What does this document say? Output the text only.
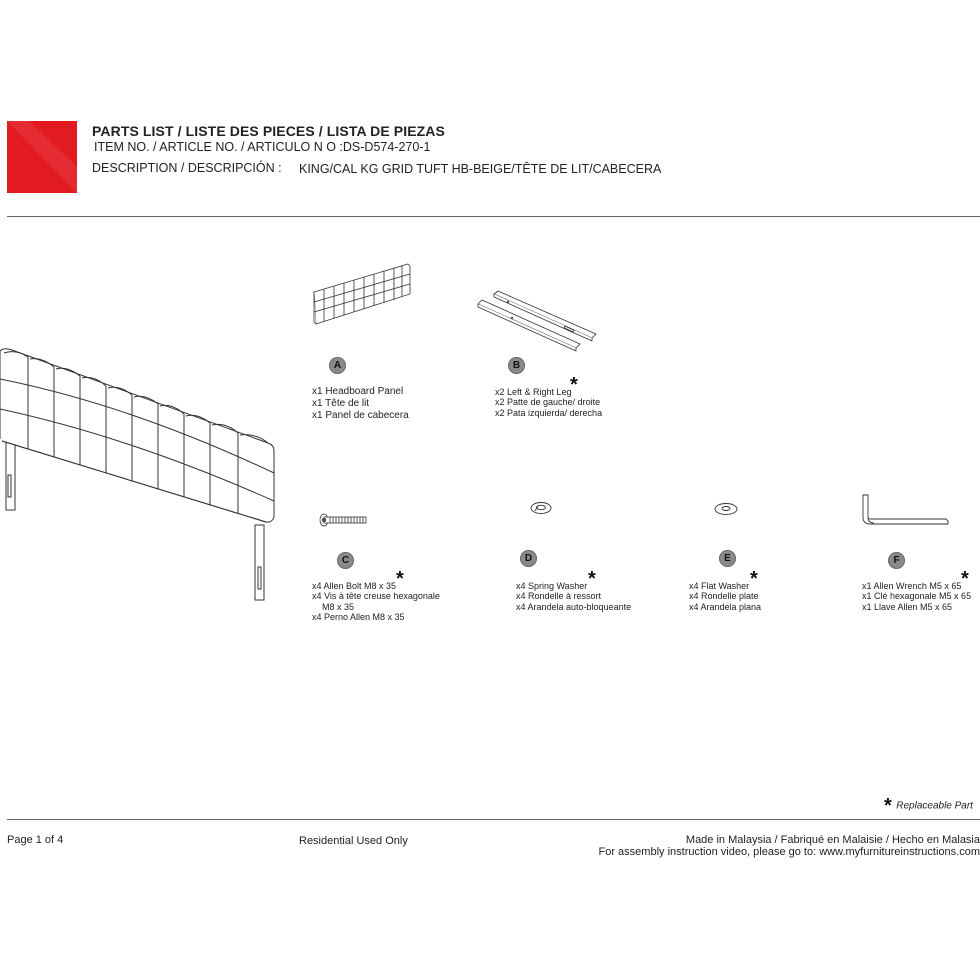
PARTS LIST / LISTE DES PIECES / LISTA DE PIEZAS
ITEM NO. / ARTICLE NO. / ARTICULO N O :DS-D574-270-1
DESCRIPTION / DESCRIPCIÓN : KING/CAL KG GRID TUFT HB-BEIGE/TÊTE DE LIT/CABECERA
A
x1 Headboard Panel
x1 Tête de lit
x1 Panel de cabecera
B
*
x2 Left & Right Leg
x2 Patte de gauche/ droite
x2 Pata izquierda/ derecha
C
*
x4 Allen Bolt M8 x 35
x4 Vis à tête creuse hexagonale
M8 x 35
x4 Perno Allen M8 x 35
D
*
x4 Spring Washer
x4 Rondelle à ressort
x4 Arandela auto-bloqueante
E
*
x4 Flat Washer
x4 Rondelle plate
x4 Arandela plana
F
*
x1 Allen Wrench M5 x 65
x1 Clé hexagonale M5 x 65
x1 Llave Allen M5 x 65
* Replaceable Part
Page 1 of 4	Residential Used Only	Made in Malaysia / Fabriqué en Malaisie / Hecho en Malasia
For assembly instruction video, please go to: www.myfurnitureinstructions.com
